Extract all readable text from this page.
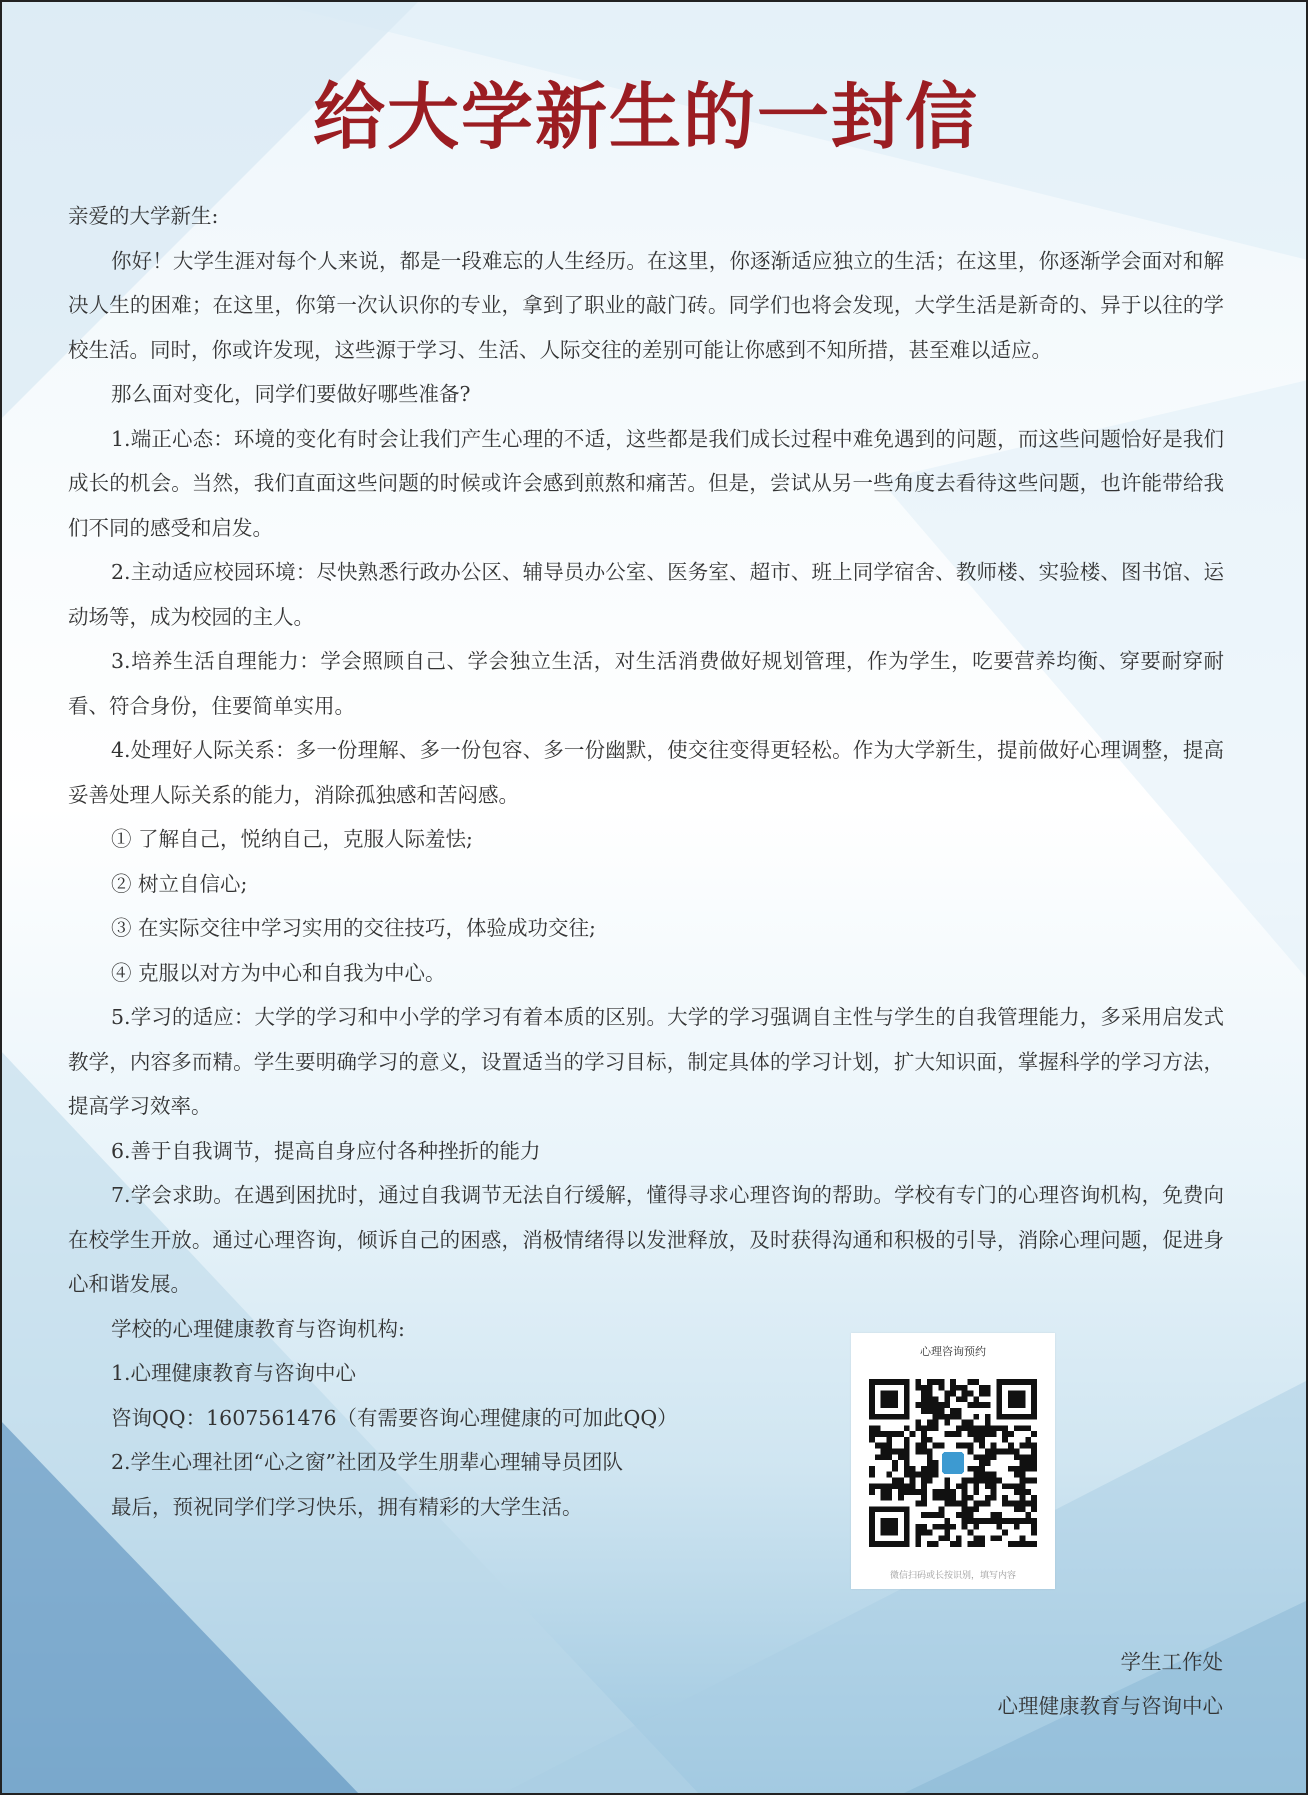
给大学新生的一封信

亲爱的大学新生:

你好！大学生涯对每个人来说，都是一段难忘的人生经历。在这里，你逐渐适应独立的生活；在这里，你逐渐学会面对和解决人生的困难；在这里，你第一次认识你的专业，拿到了职业的敲门砖。同学们也将会发现，大学生活是新奇的、异于以往的学校生活。同时，你或许发现，这些源于学习、生活、人际交往的差别可能让你感到不知所措，甚至难以适应。

那么面对变化，同学们要做好哪些准备?

1.端正心态：环境的变化有时会让我们产生心理的不适，这些都是我们成长过程中难免遇到的问题，而这些问题恰好是我们成长的机会。当然，我们直面这些问题的时候或许会感到煎熬和痛苦。但是，尝试从另一些角度去看待这些问题，也许能带给我们不同的感受和启发。

2.主动适应校园环境：尽快熟悉行政办公区、辅导员办公室、医务室、超市、班上同学宿舍、教师楼、实验楼、图书馆、运动场等，成为校园的主人。

3.培养生活自理能力：学会照顾自己、学会独立生活，对生活消费做好规划管理，作为学生，吃要营养均衡、穿要耐穿耐看、符合身份，住要简单实用。

4.处理好人际关系：多一份理解、多一份包容、多一份幽默，使交往变得更轻松。作为大学新生，提前做好心理调整，提高妥善处理人际关系的能力，消除孤独感和苦闷感。

① 了解自己，悦纳自己，克服人际羞怯;

② 树立自信心;

③ 在实际交往中学习实用的交往技巧，体验成功交往;

④ 克服以对方为中心和自我为中心。

5.学习的适应：大学的学习和中小学的学习有着本质的区别。大学的学习强调自主性与学生的自我管理能力，多采用启发式教学，内容多而精。学生要明确学习的意义，设置适当的学习目标，制定具体的学习计划，扩大知识面，掌握科学的学习方法，提高学习效率。

6.善于自我调节，提高自身应付各种挫折的能力

7.学会求助。在遇到困扰时，通过自我调节无法自行缓解，懂得寻求心理咨询的帮助。学校有专门的心理咨询机构，免费向在校学生开放。通过心理咨询，倾诉自己的困惑，消极情绪得以发泄释放，及时获得沟通和积极的引导，消除心理问题，促进身心和谐发展。

学校的心理健康教育与咨询机构:

1.心理健康教育与咨询中心

咨询QQ：1607561476（有需要咨询心理健康的可加此QQ）

2.学生心理社团“心之窗”社团及学生朋辈心理辅导员团队

最后，预祝同学们学习快乐，拥有精彩的大学生活。

心理咨询预约
微信扫码或长按识别，填写内容
学生工作处
心理健康教育与咨询中心
